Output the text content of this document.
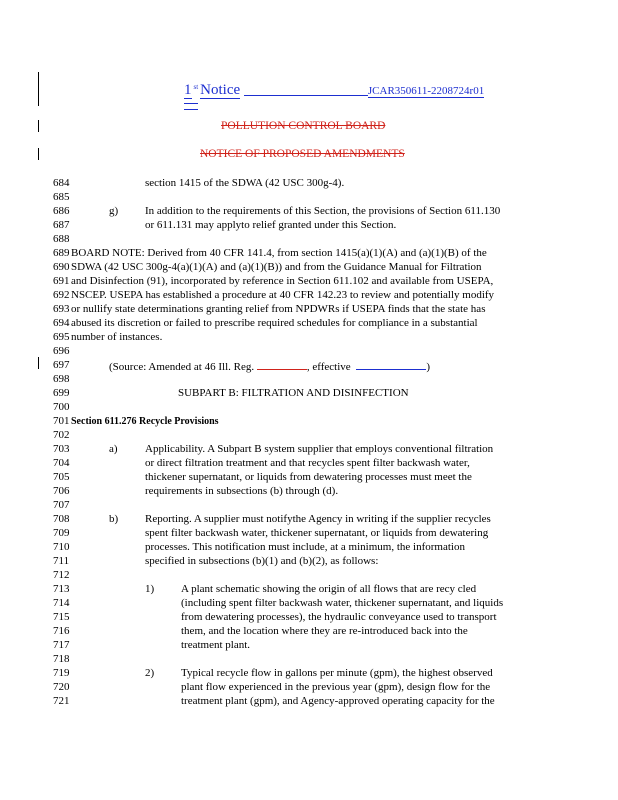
1 $^{st}$ Notice	JCAR350611-2208724r01
POLLUTION CONTROL BOARD
NOTICE OF PROPOSED AMENDMENTS
684
685
686
687
688
689
690
691
692
693
694
695
696
697
698
699
700
701
702
703
704
705
706
707
708
709
710
711
712
713
714
715
716
717
718
719
720
721
section 1415 of the SDWA (42 USC 300g-4).
g) In addition to the requirements of this Section, the provisions of Section 611.130
or 611.131 may applyto relief granted under this Section.
BOARD NOTE: Derived from 40 CFR 141.4, from section 1415(a)(1)(A) and (a)(1)(B) of the
SDWA (42 USC 300g-4(a)(1)(A) and (a)(1)(B)) and from the Guidance Manual for Filtration
and Disinfection (91), incorporated by reference in Section 611.102 and available from USEPA,
NSCEP. USEPA has established a procedure at 40 CFR 142.23 to review and potentially modify
or nullify state determinations granting relief from NPDWRs if USEPA finds that the state has
abused its discretion or failed to prescribe required schedules for compliance in a substantial
number of instances.
(Source: Amended at 46 Ill. Reg.	, effective	)
SUBPART B: FILTRATION AND DISINFECTION
Section 611.276 Recycle Provisions
a) Applicability. A Subpart B system supplier that employs conventional filtration
or direct filtration treatment and that recycles spent filter backwash water,
thickener supernatant, or liquids from dewatering processes must meet the
requirements in subsections (b) through (d).
b) Reporting. A supplier must notifythe Agency in writing if the supplier recycles
spent filter backwash water, thickener supernatant, or liquids from dewatering
processes. This notification must include, at a minimum, the information
specified in subsections (b)(1) and (b)(2), as follows:
1) A plant schematic showing the origin of all flows that are recy cled
(including spent filter backwash water, thickener supernatant, and liquids
from dewatering processes), the hydraulic conveyance used to transport
them, and the location where they are re-introduced back into the
treatment plant.
2) Typical recycle flow in gallons per minute (gpm), the highest observed
plant flow experienced in the previous year (gpm), design flow for the
treatment plant (gpm), and Agency-approved operating capacity for the
